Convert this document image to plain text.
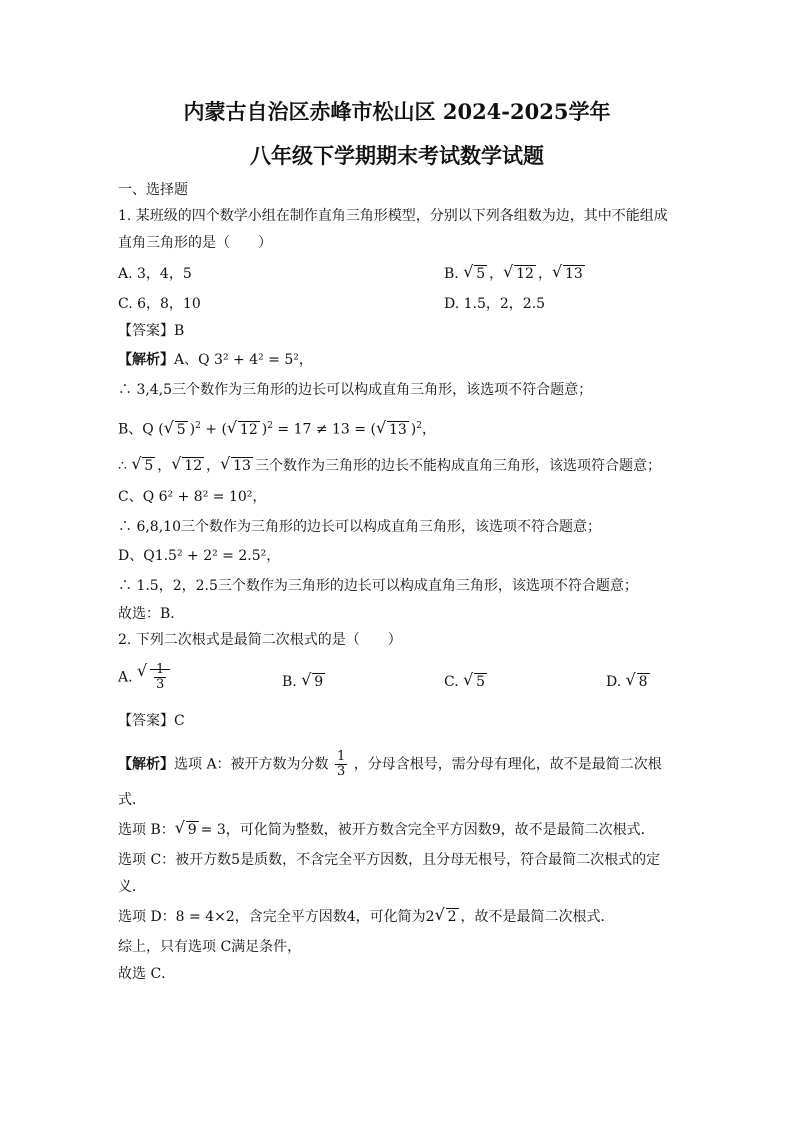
内蒙古自治区赤峰市松山区 2024-2025学年
八年级下学期期末考试数学试题
一、选择题
1. 某班级的四个数学小组在制作直角三角形模型，分别以下列各组数为边，其中不能组成
直角三角形的是（　　）
A. 3，4，5	B. √ 5 ， √ 12 ， √ 13
C. 6，8，10	D. 1.5，2，2.5
【答案】B
【解析】A、Q 3² + 4² = 5²，
∴ 3,4,5三个数作为三角形的边长可以构成直角三角形，该选项不符合题意；
B、Q ( √ 5 )$^2$ + ( √ 12 )$^2$ = 17 ≠ 13 = ( √ 13 )$^2$，
∴ √ 5 ， √ 12 ， √ 13 三个数作为三角形的边长不能构成直角三角形，该选项符合题意；
C、Q 6² + 8² = 10²，
∴ 6,8,10三个数作为三角形的边长可以构成直角三角形，该选项不符合题意；
D、Q1.5² + 2² = 2.5²，
∴ 1.5，2，2.5三个数作为三角形的边长可以构成直角三角形，该选项不符合题意；
故选：B．
2. 下列二次根式是最简二次根式的是（　　）
A. √ $\frac{1}{3}$	B. √ 9	C. √ 5	D. √ 8
【答案】C
【解析】选项 A：被开方数为分数 $\frac{1}{3}$ ，分母含根号，需分母有理化，故不是最简二次根
式．
选项 B： √ 9 = 3，可化简为整数，被开方数含完全平方因数9，故不是最简二次根式．
选项 C：被开方数5是质数，不含完全平方因数，且分母无根号，符合最简二次根式的定
义．
选项 D：8 = 4×2，含完全平方因数4，可化简为2 √ 2 ，故不是最简二次根式．
综上，只有选项 C满足条件，
故选 C．
